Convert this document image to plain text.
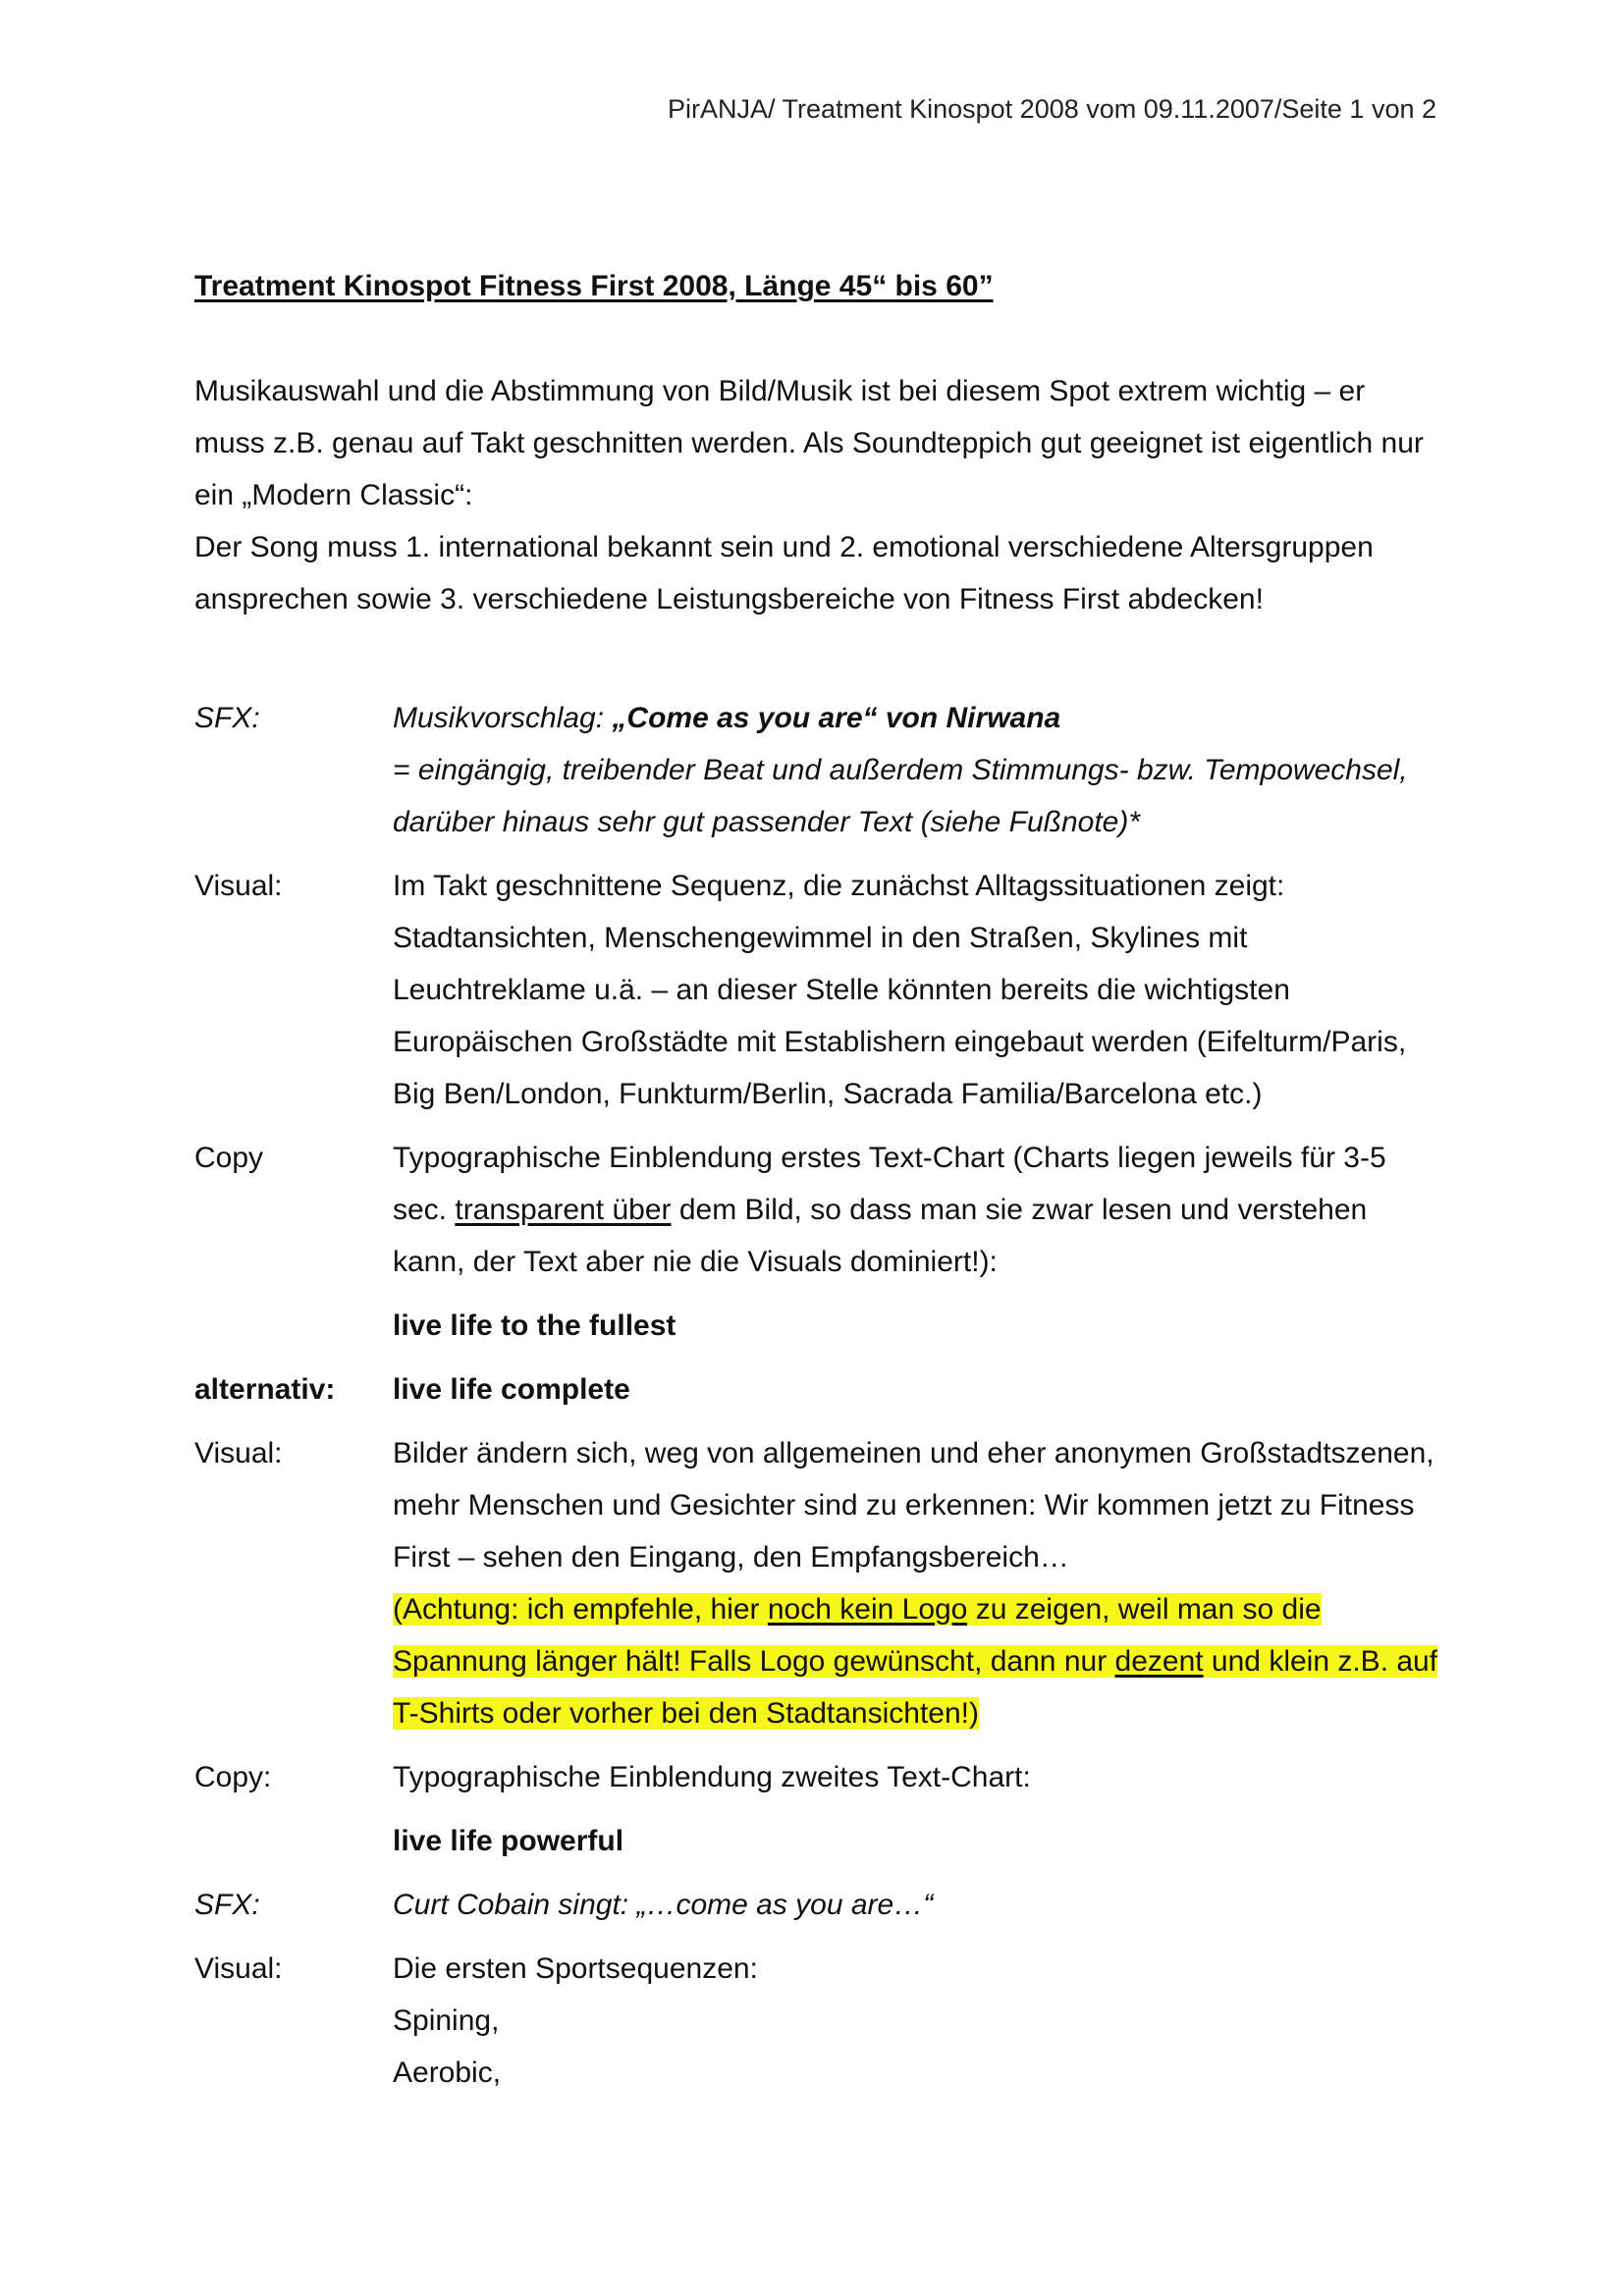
PirANJA/ Treatment Kinospot 2008 vom 09.11.2007/Seite 1 von 2
Treatment Kinospot Fitness First 2008, Länge 45“ bis 60”

Musikauswahl und die Abstimmung von Bild/Musik ist bei diesem Spot extrem wichtig – er muss z.B. genau auf Takt geschnitten werden. Als Soundteppich gut geeignet ist eigentlich nur ein „Modern Classic“:

Der Song muss 1. international bekannt sein und 2. emotional verschiedene Altersgruppen ansprechen sowie 3. verschiedene Leistungsbereiche von Fitness First abdecken!

SFX:	Musikvorschlag: „Come as you are“ von Nirwana

= eingängig, treibender Beat und außerdem Stimmungs- bzw. Tempowechsel, darüber hinaus sehr gut passender Text (siehe Fußnote)*

Visual:	Im Takt geschnittene Sequenz, die zunächst Alltagssituationen zeigt: Stadtansichten, Menschengewimmel in den Straßen, Skylines mit Leuchtreklame u.ä. – an dieser Stelle könnten bereits die wichtigsten Europäischen Großstädte mit Establishern eingebaut werden (Eifelturm/Paris, Big Ben/London, Funkturm/Berlin, Sacrada Familia/Barcelona etc.)

Copy	Typographische Einblendung erstes Text-Chart (Charts liegen jeweils für 3-5 sec. transparent über dem Bild, so dass man sie zwar lesen und verstehen kann, der Text aber nie die Visuals dominiert!):

live life to the fullest

alternativ:	live life complete
Visual:	Bilder ändern sich, weg von allgemeinen und eher anonymen Großstadtszenen, mehr Menschen und Gesichter sind zu erkennen: Wir kommen jetzt zu Fitness First – sehen den Eingang, den Empfangsbereich…

(Achtung: ich empfehle, hier noch kein Logo zu zeigen, weil man so die Spannung länger hält! Falls Logo gewünscht, dann nur dezent und klein z.B. auf T-Shirts oder vorher bei den Stadtansichten!)

Copy:	Typographische Einblendung zweites Text-Chart:

live life powerful

SFX:	Curt Cobain singt: „…come as you are…“
Visual:	Die ersten Sportsequenzen:

Spining,

Aerobic,
